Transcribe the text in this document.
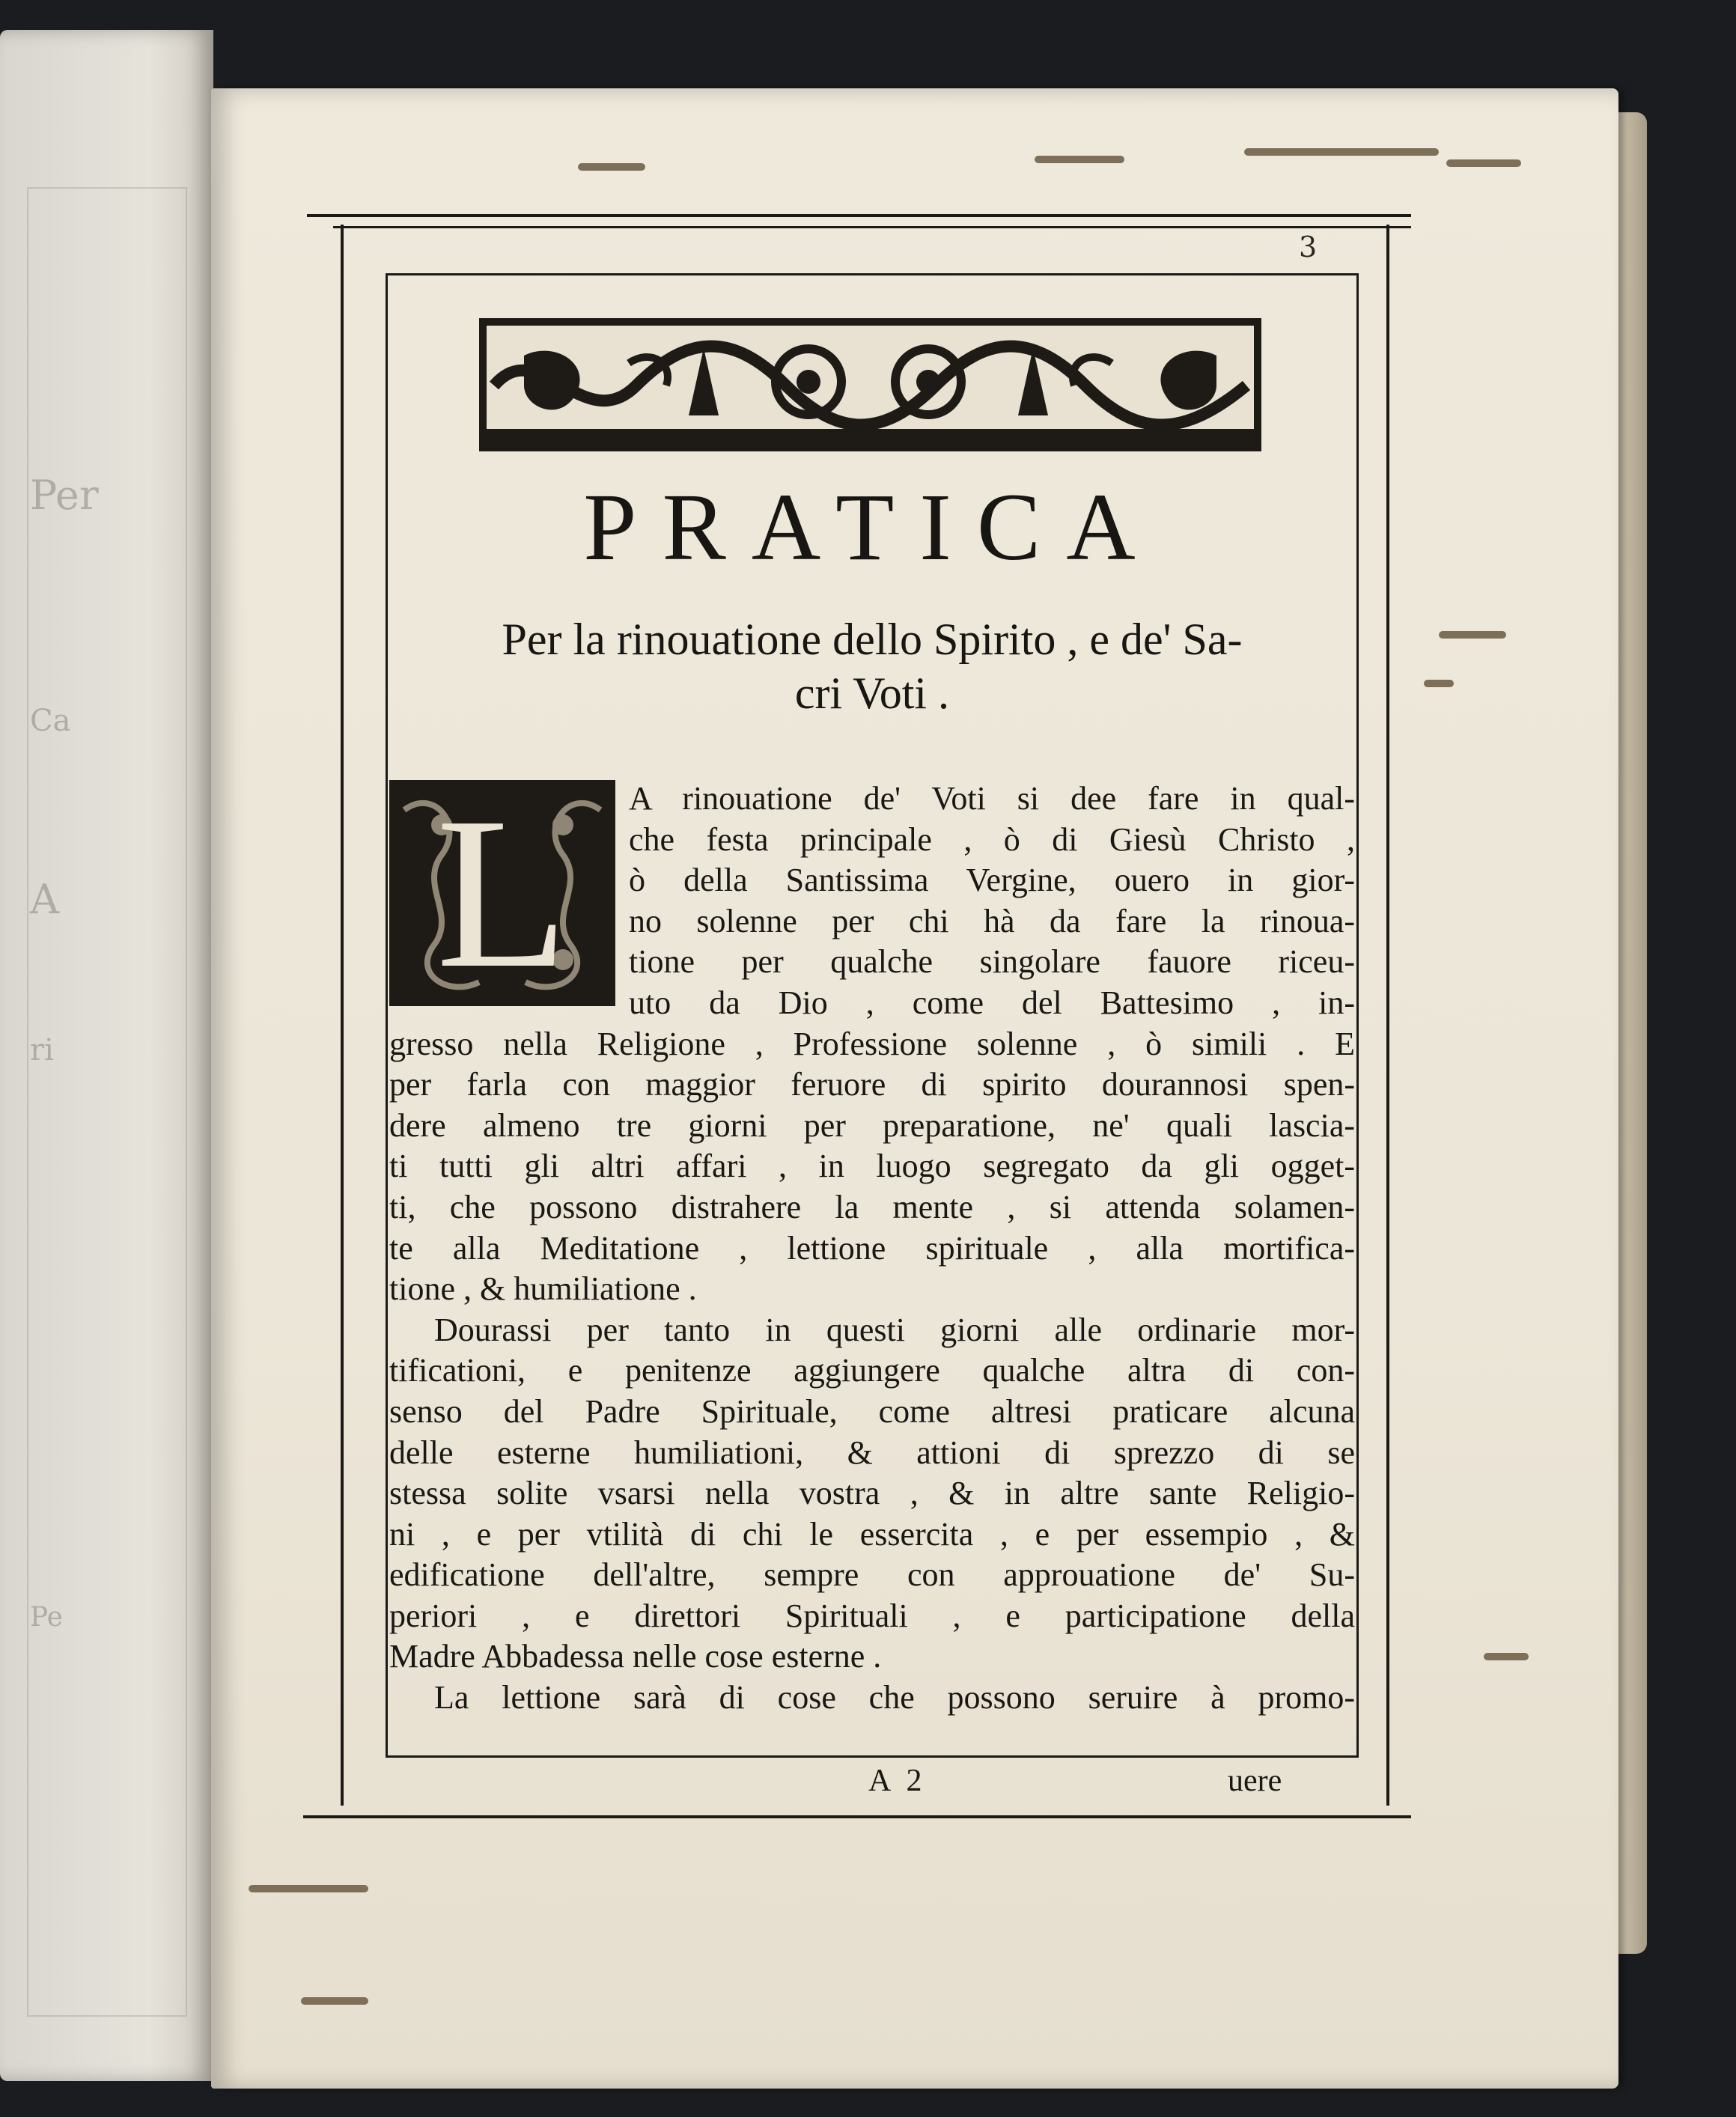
Per
Ca
A
ri
Pe
3
PRATICA
Per la rinouatione dello Spirito , e de' Sa-
cri Voti .
L	A rinouatione de' Voti si dee fare in qual-
che festa principale , ò di Giesù Christo ,
ò della Santissima Vergine, ouero in gior-
no solenne per chi hà da fare la rinoua-
tione per qualche singolare fauore riceu-
uto da Dio , come del Battesimo , in-
gresso nella Religione , Professione solenne , ò simili . E
per farla con maggior feruore di spirito dourannosi spen-
dere almeno tre giorni per preparatione, ne' quali lascia-
ti tutti gli altri affari , in luogo segregato da gli ogget-
ti, che possono distrahere la mente , si attenda solamen-
te alla Meditatione , lettione spirituale , alla mortifica-
tione , & humiliatione .
Dourassi per tanto in questi giorni alle ordinarie mor-
tificationi, e penitenze aggiungere qualche altra di con-
senso del Padre Spirituale, come altresi praticare alcuna
delle esterne humiliationi, & attioni di sprezzo di se
stessa solite vsarsi nella vostra , & in altre sante Religio-
ni , e per vtilità di chi le essercita , e per essempio , &
edificatione dell'altre, sempre con approuatione de' Su-
periori , e direttori Spirituali , e participatione della
Madre Abbadessa nelle cose esterne .
La lettione sarà di cose che possono seruire à promo-
A 2	uere
